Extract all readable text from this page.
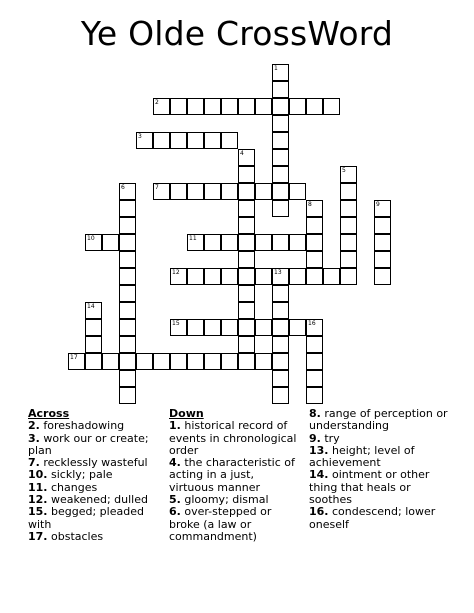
Ye Olde CrossWord
1
2
3
4
5
6	7
8	9
10	11
12	13
14
15	16
17
Across
2. foreshadowing
3. work our or create; plan
7. recklessly wasteful
10. sickly; pale
11. changes
12. weakened; dulled
15. begged; pleaded with
17. obstacles
Down
1. historical record of events in chronological order
4. the characteristic of acting in a just, virtuous manner
5. gloomy; dismal
6. over-stepped or broke (a law or commandment)
8. range of perception or understanding
9. try
13. height; level of achievement
14. ointment or other thing that heals or soothes
16. condescend; lower oneself
